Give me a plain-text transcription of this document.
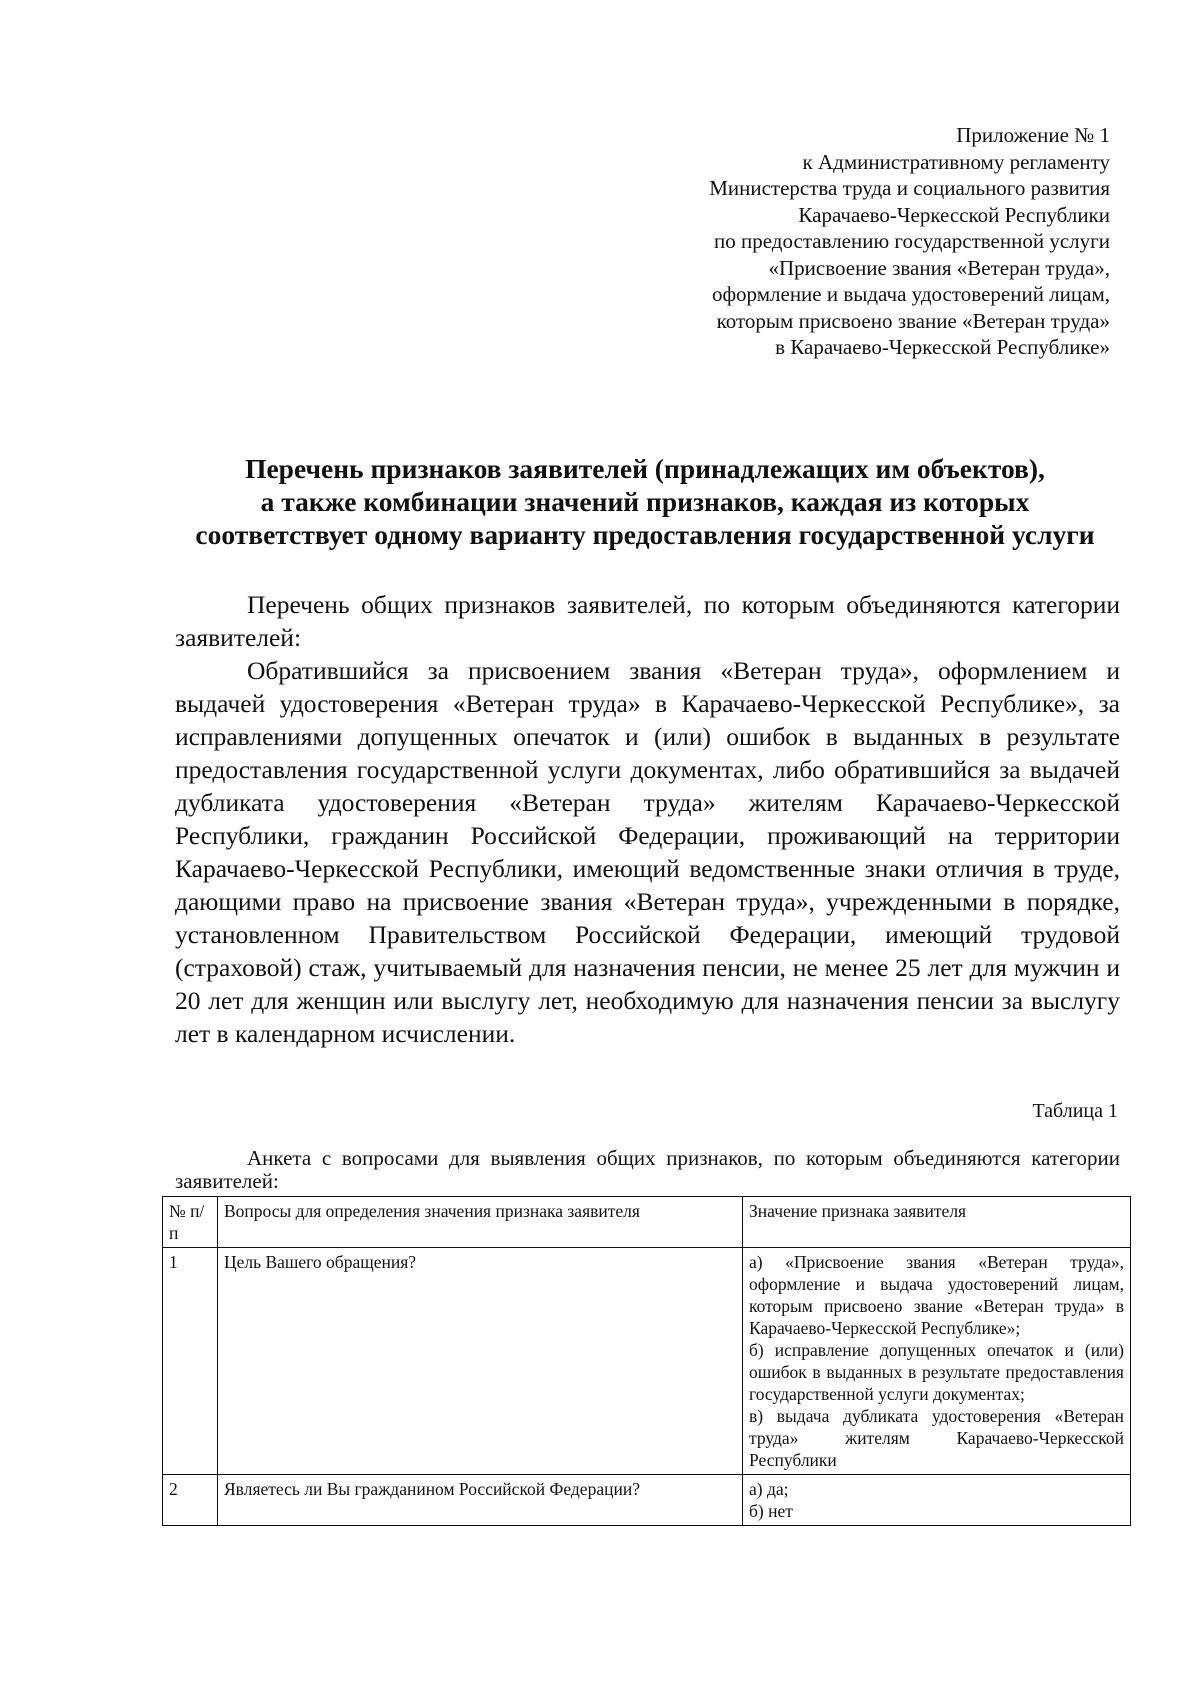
Приложение № 1
к Административному регламенту
Министерства труда и социального развития
Карачаево-Черкесской Республики
по предоставлению государственной услуги
«Присвоение звания «Ветеран труда»,
оформление и выдача удостоверений лицам,
которым присвоено звание «Ветеран труда»
в Карачаево-Черкесской Республике»
Перечень признаков заявителей (принадлежащих им объектов),
а также комбинации значений признаков, каждая из которых
соответствует одному варианту предоставления государственной услуги

Перечень общих признаков заявителей, по которым объединяются категории заявителей:

Обратившийся за присвоением звания «Ветеран труда», оформлением и выдачей удостоверения «Ветеран труда» в Карачаево-Черкесской Республике», за исправлениями допущенных опечаток и (или) ошибок в выданных в результате предоставления государственной услуги документах, либо обратившийся за выдачей дубликата удостоверения «Ветеран труда» жителям Карачаево-Черкесской Республики, гражданин Российской Федерации, проживающий на территории Карачаево-Черкесской Республики, имеющий ведомственные знаки отличия в труде, дающими право на присвоение звания «Ветеран труда», учрежденными в порядке, установленном Правительством Российской Федерации, имеющий трудовой (страховой) стаж, учитываемый для назначения пенсии, не менее 25 лет для мужчин и 20 лет для женщин или выслугу лет, необходимую для назначения пенсии за выслугу лет в календарном исчислении.

Таблица 1

Анкета с вопросами для выявления общих признаков, по которым объединяются категории заявителей:

№ п/п	Вопросы для определения значения признака заявителя	Значение признака заявителя
1	Цель Вашего обращения?	а) «Присвоение звания «Ветеран труда», оформление и выдача удостоверений лицам, которым присвоено звание «Ветеран труда» в Карачаево-Черкесской Республике»;
б) исправление допущенных опечаток и (или) ошибок в выданных в результате предоставления государственной услуги документах;
в) выдача дубликата удостоверения «Ветеран труда» жителям Карачаево-Черкесской Республики

2	Являетесь ли Вы гражданином Российской Федерации?	а) да;
б) нет
